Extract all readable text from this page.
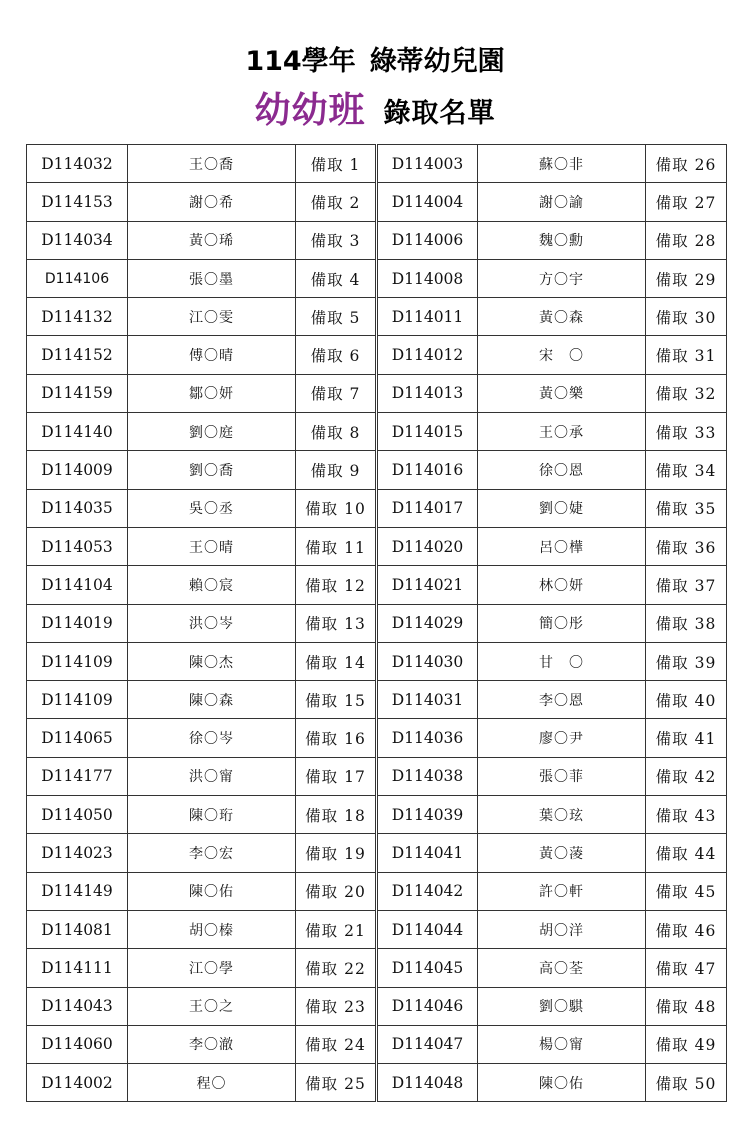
114學年 綠蒂幼兒園
幼幼班 錄取名單
D114032	王〇喬	備取 1	D114003	蘇〇非	備取 26
D114153	謝〇希	備取 2	D114004	謝〇諭	備取 27
D114034	黃〇琋	備取 3	D114006	魏〇勳	備取 28
D114106	張〇墨	備取 4	D114008	方〇宇	備取 29
D114132	江〇雯	備取 5	D114011	黃〇森	備取 30
D114152	傅〇晴	備取 6	D114012	宋　〇	備取 31
D114159	鄒〇妍	備取 7	D114013	黃〇樂	備取 32
D114140	劉〇庭	備取 8	D114015	王〇承	備取 33
D114009	劉〇喬	備取 9	D114016	徐〇恩	備取 34
D114035	吳〇丞	備取 10	D114017	劉〇婕	備取 35
D114053	王〇晴	備取 11	D114020	呂〇樺	備取 36
D114104	賴〇宸	備取 12	D114021	林〇妍	備取 37
D114019	洪〇岑	備取 13	D114029	簡〇彤	備取 38
D114109	陳〇杰	備取 14	D114030	甘　〇	備取 39
D114109	陳〇森	備取 15	D114031	李〇恩	備取 40
D114065	徐〇岑	備取 16	D114036	廖〇尹	備取 41
D114177	洪〇甯	備取 17	D114038	張〇菲	備取 42
D114050	陳〇珩	備取 18	D114039	葉〇玹	備取 43
D114023	李〇宏	備取 19	D114041	黃〇蓤	備取 44
D114149	陳〇佑	備取 20	D114042	許〇軒	備取 45
D114081	胡〇榛	備取 21	D114044	胡〇洋	備取 46
D114111	江〇學	備取 22	D114045	高〇荃	備取 47
D114043	王〇之	備取 23	D114046	劉〇騏	備取 48
D114060	李〇澈	備取 24	D114047	楊〇甯	備取 49
D114002	程〇	備取 25	D114048	陳〇佑	備取 50
